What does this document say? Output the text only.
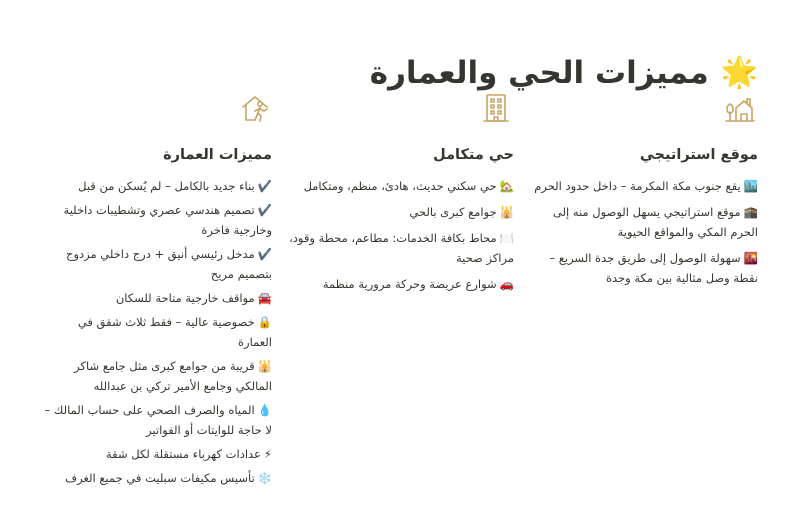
🌟
مميزات الحي والعمارة
موقع استراتيجي
🏙️يقع جنوب مكة المكرمة – داخل حدود الحرم
🕋موقع استراتيجي يسهل الوصول منه إلى الحرم المكي والمواقع الحيوية
🌇سهولة الوصول إلى طريق جدة السريع – نقطة وصل مثالية بين مكة وجدة
حي متكامل
🏡حي سكني حديث، هادئ، منظم، ومتكامل
🕌جوامع كبرى بالحي
🍽️محاط بكافة الخدمات: مطاعم، محطة وقود، مراكز صحية
🚗شوارع عريضة وحركة مرورية منظمة
مميزات العمارة
✔️بناء جديد بالكامل – لم يُسكن من قبل
✔️تصميم هندسي عصري وتشطيبات داخلية وخارجية فاخرة
✔️مدخل رئيسي أنيق + درج داخلي مزدوج بتصميم مريح
🚘مواقف خارجية متاحة للسكان
🔒خصوصية عالية – فقط ثلاث شقق في العمارة
🕌قريبة من جوامع كبرى مثل جامع شاكر المالكي وجامع الأمير تركي بن عبدالله
💧المياه والصرف الصحي على حساب المالك – لا حاجة للوايتات أو الفواتير
⚡عدادات كهرباء مستقلة لكل شقة
❄️تأسيس مكيفات سبليت في جميع الغرف
